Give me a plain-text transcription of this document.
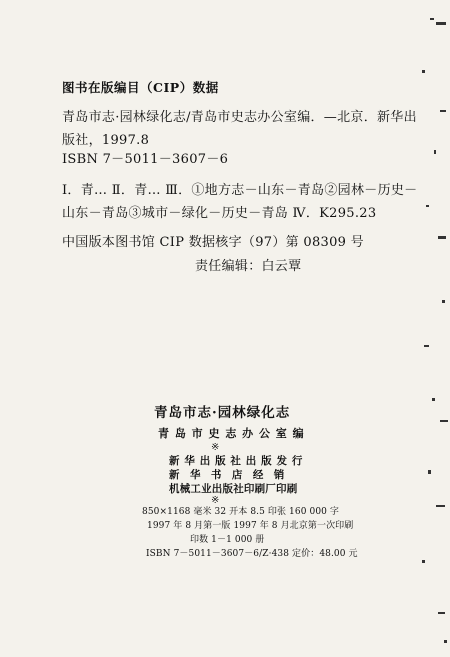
图书在版编目（CIP）数据
青岛市志·园林绿化志/青岛市史志办公室编．—北京．新华出
版社，1997.8
ISBN 7－5011－3607－6
Ⅰ．青… Ⅱ．青… Ⅲ．①地方志－山东－青岛②园林－历史－
山东－青岛③城市－绿化－历史－青岛 Ⅳ．K295.23
中国版本图书馆 CIP 数据核字（97）第 08309 号
责任编辑：白云覃
青岛市志·园林绿化志
青 岛 市 史 志 办 公 室 编
※
新 华 出 版 社 出 版 发 行
新 华 书 店 经 销
机械工业出版社印刷厂印刷
※
850×1168 毫米 32 开本 8.5 印张 160 000 字
1997 年 8 月第一版 1997 年 8 月北京第一次印刷
印数 1－1 000 册
ISBN 7－5011－3607－6/Z·438 定价：48.00 元
